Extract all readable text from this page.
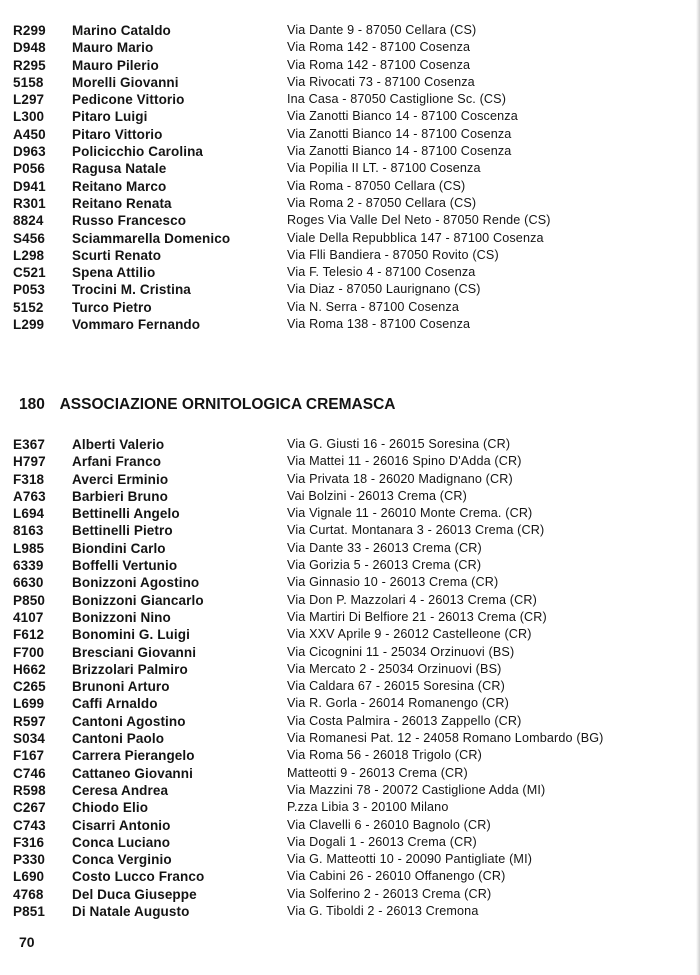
R299 Marino Cataldo	Via Dante 9 - 87050 Cellara (CS)
D948 Mauro Mario	Via Roma 142 - 87100 Cosenza
R295 Mauro Pilerio	Via Roma 142 - 87100 Cosenza
5158 Morelli Giovanni	Via Rivocati 73 - 87100 Cosenza
L297 Pedicone Vittorio	Ina Casa - 87050 Castiglione Sc. (CS)
L300 Pitaro Luigi	Via Zanotti Bianco 14 - 87100 Coscenza
A450 Pitaro Vittorio	Via Zanotti Bianco 14 - 87100 Cosenza
D963 Policicchio Carolina	Via Zanotti Bianco 14 - 87100 Cosenza
P056 Ragusa Natale	Via Popilia II LT. - 87100 Cosenza
D941 Reitano Marco	Via Roma - 87050 Cellara (CS)
R301 Reitano Renata	Via Roma 2 - 87050 Cellara (CS)
8824 Russo Francesco	Roges Via Valle Del Neto - 87050 Rende (CS)
S456 Sciammarella Domenico	Viale Della Repubblica 147 - 87100 Cosenza
L298 Scurti Renato	Via Flli Bandiera - 87050 Rovito (CS)
C521 Spena Attilio	Via F. Telesio 4 - 87100 Cosenza
P053 Trocini M. Cristina	Via Diaz - 87050 Laurignano (CS)
5152 Turco Pietro	Via N. Serra - 87100 Cosenza
L299 Vommaro Fernando	Via Roma 138 - 87100 Cosenza
180 ASSOCIAZIONE ORNITOLOGICA CREMASCA
E367 Alberti Valerio	Via G. Giusti 16 - 26015 Soresina (CR)
H797 Arfani Franco	Via Mattei 11 - 26016 Spino D'Adda (CR)
F318 Averci Erminio	Via Privata 18 - 26020 Madignano (CR)
A763 Barbieri Bruno	Vai Bolzini - 26013 Crema (CR)
L694 Bettinelli Angelo	Via Vignale 11 - 26010 Monte Crema. (CR)
8163 Bettinelli Pietro	Via Curtat. Montanara 3 - 26013 Crema (CR)
L985 Biondini Carlo	Via Dante 33 - 26013 Crema (CR)
6339 Boffelli Vertunio	Via Gorizia 5 - 26013 Crema (CR)
6630 Bonizzoni Agostino	Via Ginnasio 10 - 26013 Crema (CR)
P850 Bonizzoni Giancarlo	Via Don P. Mazzolari 4 - 26013 Crema (CR)
4107 Bonizzoni Nino	Via Martiri Di Belfiore 21 - 26013 Crema (CR)
F612 Bonomini G. Luigi	Via XXV Aprile 9 - 26012 Castelleone (CR)
F700 Bresciani Giovanni	Via Cicognini 11 - 25034 Orzinuovi (BS)
H662 Brizzolari Palmiro	Via Mercato 2 - 25034 Orzinuovi (BS)
C265 Brunoni Arturo	Via Caldara 67 - 26015 Soresina (CR)
L699 Caffi Arnaldo	Via R. Gorla - 26014 Romanengo (CR)
R597 Cantoni Agostino	Via Costa Palmira - 26013 Zappello (CR)
S034 Cantoni Paolo	Via Romanesi Pat. 12 - 24058 Romano Lombardo (BG)
F167 Carrera Pierangelo	Via Roma 56 - 26018 Trigolo (CR)
C746 Cattaneo Giovanni	Matteotti 9 - 26013 Crema (CR)
R598 Ceresa Andrea	Via Mazzini 78 - 20072 Castiglione Adda (MI)
C267 Chiodo Elio	P.zza Libia 3 - 20100 Milano
C743 Cisarri Antonio	Via Clavelli 6 - 26010 Bagnolo (CR)
F316 Conca Luciano	Via Dogali 1 - 26013 Crema (CR)
P330 Conca Verginio	Via G. Matteotti 10 - 20090 Pantigliate (MI)
L690 Costo Lucco Franco	Via Cabini 26 - 26010 Offanengo (CR)
4768 Del Duca Giuseppe	Via Solferino 2 - 26013 Crema (CR)
P851 Di Natale Augusto	Via G. Tiboldi 2 - 26013 Cremona
70
